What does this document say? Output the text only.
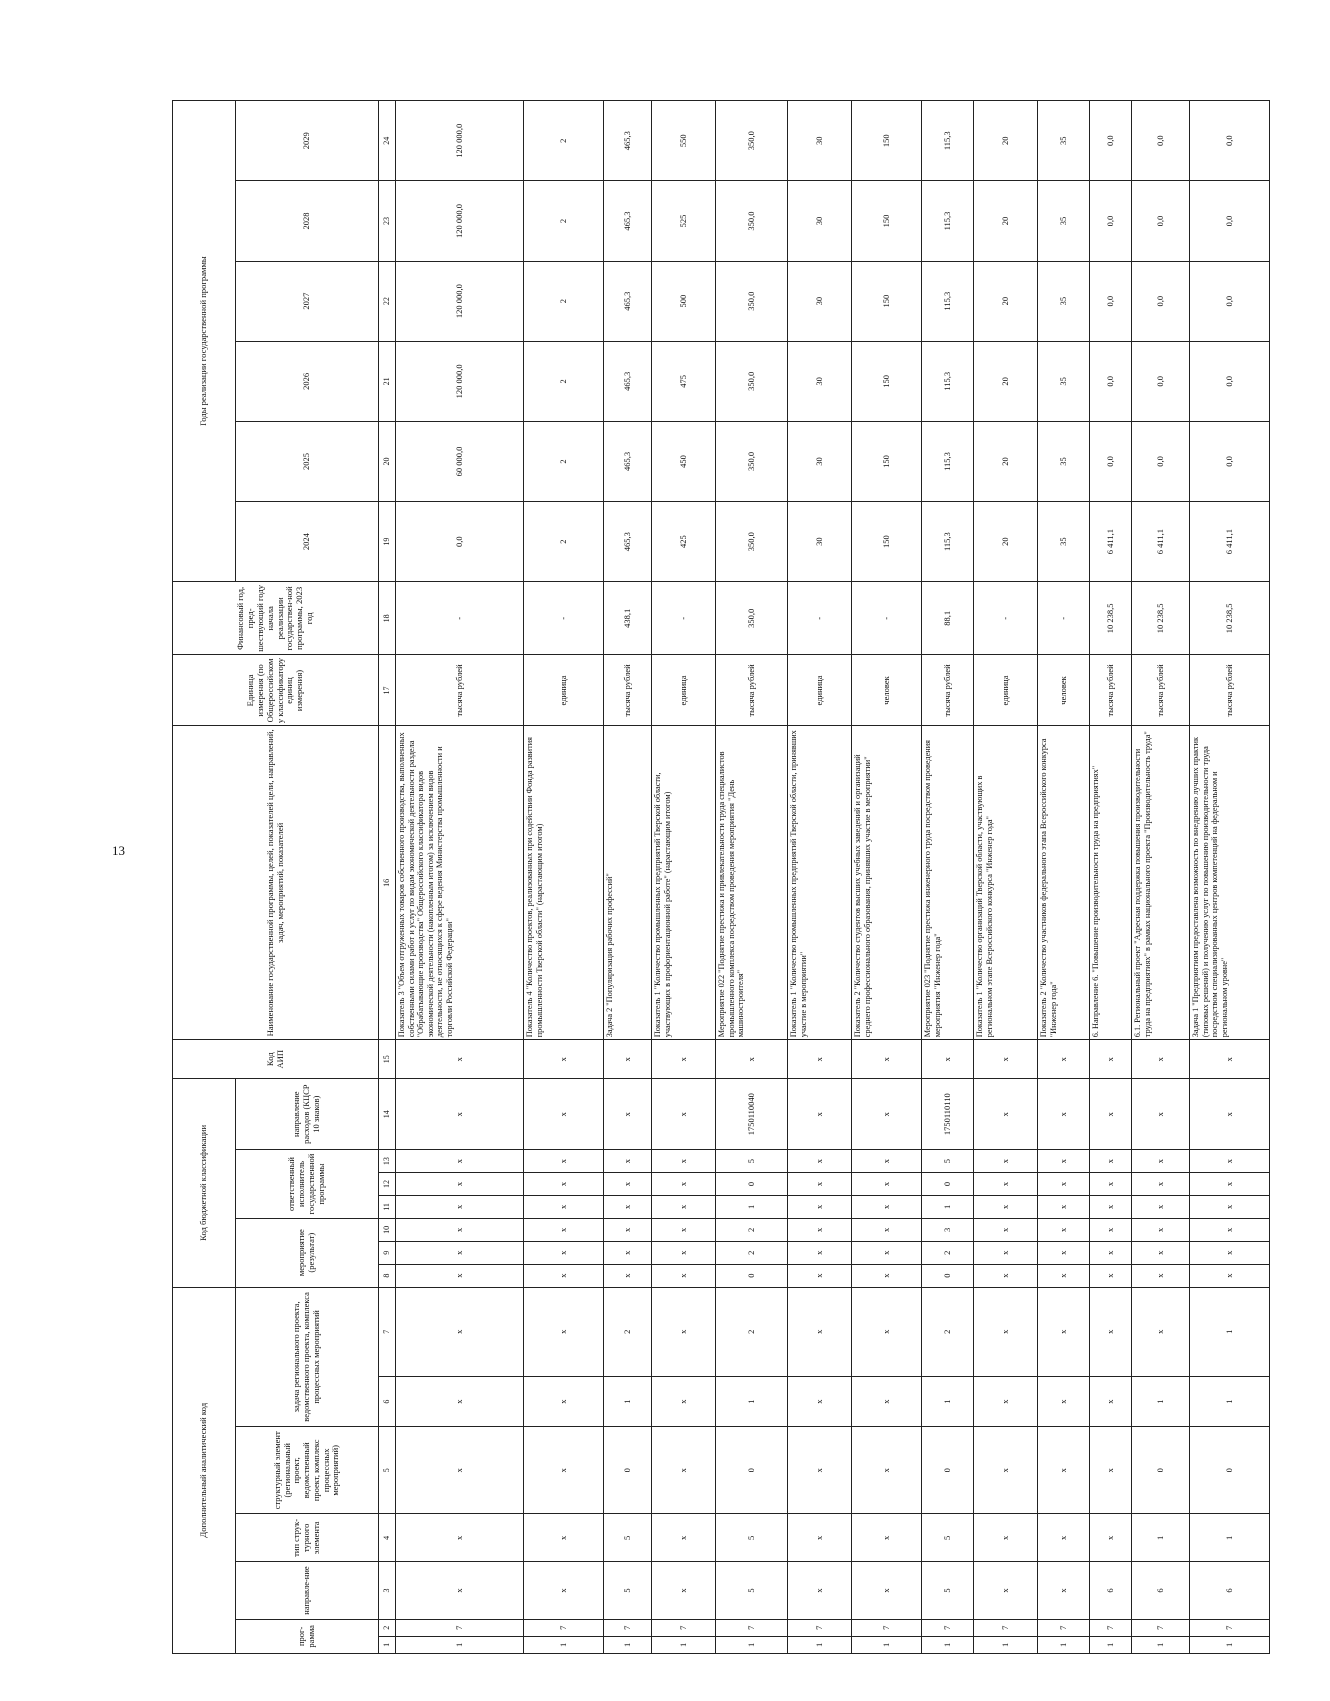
13
Дополнительный аналитический код							Код бюджетной классификации							Код АИП	Наименование государственной программы, целей, показателей цели, направлений, задач, мероприятий, показателей	Единица измерения (по Общероссийскому классификатору единиц измерения)	Финансовый год, пред-шествующий году начала реализации государствен-ной программы, 2023 год	Годы реализации государственной программы					
прог-рамма		направле-ние	тип струк-турного элемента	структурный элемент (региональный проект, ведомственный проект, комплекс процессных мероприятий)	задача регионального проекта, ведомственного проекта, комплекса процессных мероприятий		мероприятие (результат)			ответственный исполнитель государственной программы			направление расходов (КЦСР 10 знаков)					2024	2025	2026	2027	2028	2029
1	2	3	4	5	6	7	8	9	10	11	12	13	14	15	16	17	18	19	20	21	22	23	24
1	7	x	x	x	x	x	x	x	x	x	x	x	x	x	Показатель 3 "Объем отгруженных товаров собственного производства, выполненных собственными силами работ и услуг по видам экономической деятельности раздела "Обрабатывающие производства" Общероссийского классификатора видов экономической деятельности (накопленным итогом) за исключением видов деятельности, не относящихся к сфере ведения Министерства промышленности и торговли Российской Федерации"	тысяча рублей	-	0,0	60 000,0	120 000,0	120 000,0	120 000,0	120 000,0
1	7	x	x	x	x	x	x	x	x	x	x	x	x	x	Показатель 4 "Количество проектов, реализованных при содействии Фонда развития промышленности Тверской области" (нарастающим итогом)	единица	-	2	2	2	2	2	2
1	7	5	5	0	1	2	x	x	x	x	x	x	x	x	Задача 2 "Популяризация рабочих профессий"	тысяча рублей	438,1	465,3	465,3	465,3	465,3	465,3	465,3
1	7	x	x	x	x	x	x	x	x	x	x	x	x	x	Показатель 1 "Количество промышленных предприятий Тверской области, участвующих в профориентационной работе" (нарастающим итогом)	единица	-	425	450	475	500	525	550
1	7	5	5	0	1	2	0	2	2	1	0	5	1750110040	x	Мероприятие 022 "Поднятие престижа и привлекательности труда специалистов промышленного комплекса посредством проведения мероприятия "День машиностроителя"	тысяча рублей	350,0	350,0	350,0	350,0	350,0	350,0	350,0
1	7	x	x	x	x	x	x	x	x	x	x	x	x	x	Показатель 1 "Количество промышленных предприятий Тверской области, принявших участие в мероприятии"	единица	-	30	30	30	30	30	30
1	7	x	x	x	x	x	x	x	x	x	x	x	x	x	Показатель 2 "Количество студентов высших учебных заведений и организаций среднего профессионального образования, принявших участие в мероприятии"	человек	-	150	150	150	150	150	150
1	7	5	5	0	1	2	0	2	3	1	0	5	1750110110	x	Мероприятие 023 "Поднятие престижа инженерного труда посредством проведения мероприятия "Инженер года"	тысяча рублей	88,1	115,3	115,3	115,3	115,3	115,3	115,3
1	7	x	x	x	x	x	x	x	x	x	x	x	x	x	Показатель 1 "Количество организаций Тверской области, участвующих в региональном этапе Всероссийского конкурса "Инженер года"	единица	-	20	20	20	20	20	20
1	7	x	x	x	x	x	x	x	x	x	x	x	x	x	Показатель 2 "Количество участников федерального этапа Всероссийского конкурса "Инженер года"	человек	-	35	35	35	35	35	35
1	7	6	x	x	x	x	x	x	x	x	x	x	x	x	6. Направление 6. "Повышение производительности труда на предприятиях"	тысяча рублей	10 238,5	6 411,1	0,0	0,0	0,0	0,0	0,0
1	7	6	1	0	1	x	x	x	x	x	x	x	x	x	6.1. Региональный проект "Адресная поддержка повышения производительности труда на предприятиях" в рамках национального проекта "Производительность труда"	тысяча рублей	10 238,5	6 411,1	0,0	0,0	0,0	0,0	0,0
1	7	6	1	0	1	1	x	x	x	x	x	x	x	x	Задача 1 "Предприятиям предоставлена возможность по внедрению лучших практик (типовых решений) и получению услуг по повышению производительности труда посредством специализированных центров компетенций на федеральном и региональном уровне"	тысяча рублей	10 238,5	6 411,1	0,0	0,0	0,0	0,0	0,0
